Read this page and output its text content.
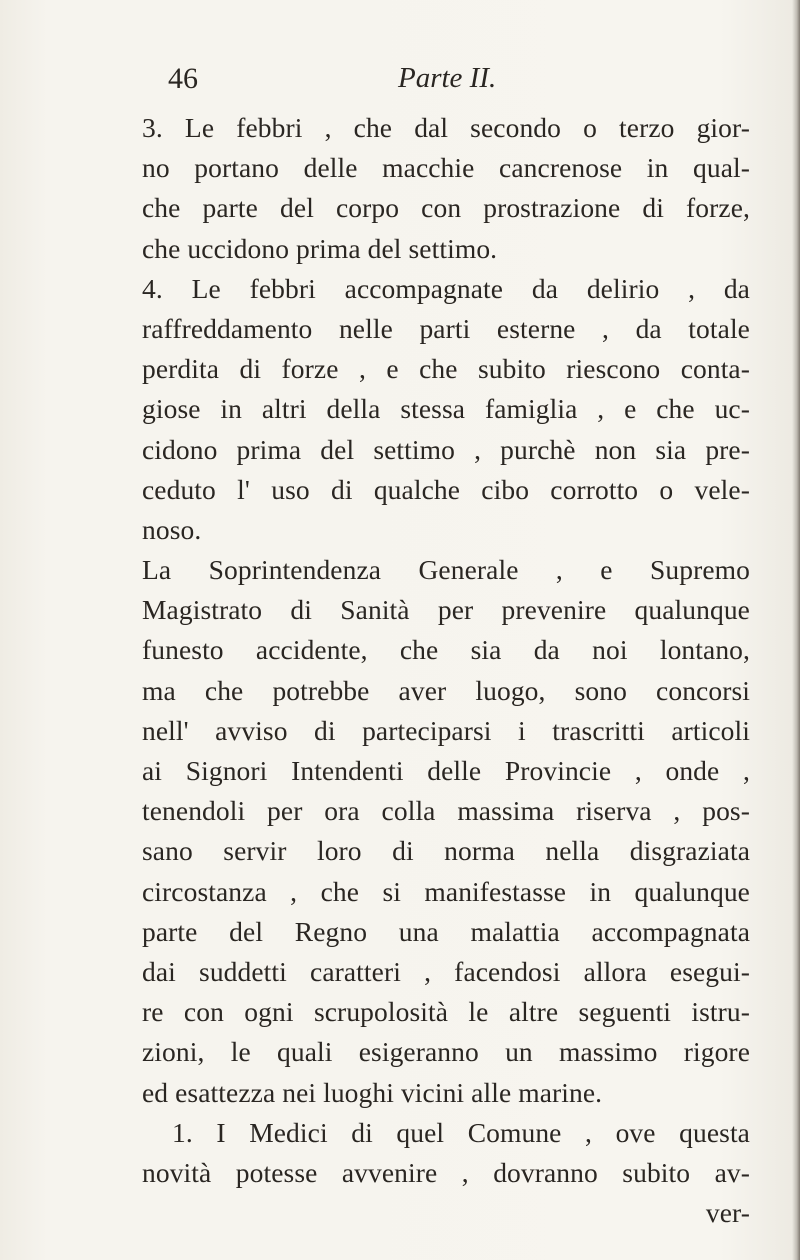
46	Parte II.
3. Le febbri , che dal secondo o terzo gior-
no portano delle macchie cancrenose in qual-
che parte del corpo con prostrazione di forze,
che uccidono prima del settimo.
4. Le febbri accompagnate da delirio , da
raffreddamento nelle parti esterne , da totale
perdita di forze , e che subito riescono conta-
giose in altri della stessa famiglia , e che uc-
cidono prima del settimo , purchè non sia pre-
ceduto l' uso di qualche cibo corrotto o vele-
noso.
La Soprintendenza Generale , e Supremo
Magistrato di Sanità per prevenire qualunque
funesto accidente, che sia da noi lontano,
ma che potrebbe aver luogo, sono concorsi
nell' avviso di parteciparsi i trascritti articoli
ai Signori Intendenti delle Provincie , onde ,
tenendoli per ora colla massima riserva , pos-
sano servir loro di norma nella disgraziata
circostanza , che si manifestasse in qualunque
parte del Regno una malattia accompagnata
dai suddetti caratteri , facendosi allora esegui-
re con ogni scrupolosità le altre seguenti istru-
zioni, le quali esigeranno un massimo rigore
ed esattezza nei luoghi vicini alle marine.
1. I Medici di quel Comune , ove questa
novità potesse avvenire , dovranno subito av-
ver-
